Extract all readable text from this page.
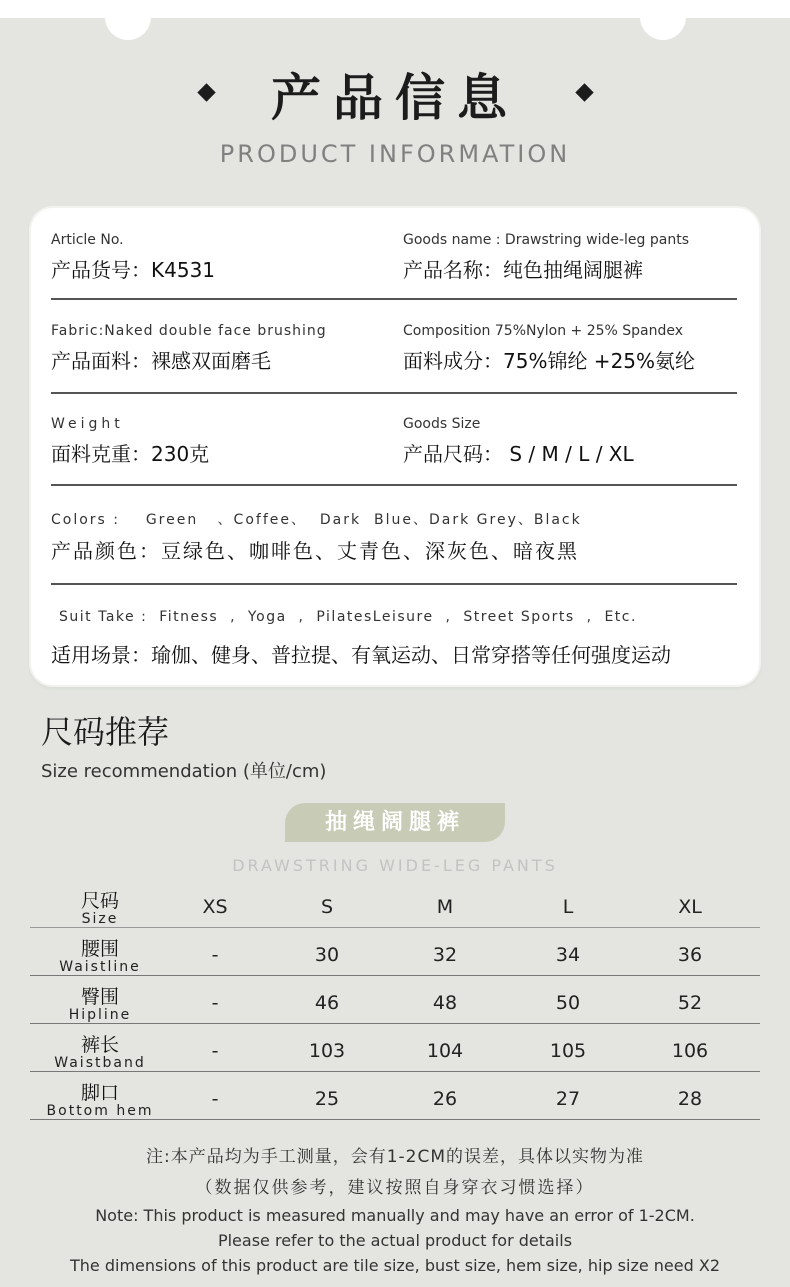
产品信息
PRODUCT INFORMATION
Article No.
产品货号：K4531
Goods name : Drawstring wide-leg pants
产品名称：纯色抽绳阔腿裤
Fabric:Naked double face brushing
产品面料：裸感双面磨毛
Composition 75%Nylon + 25% Spandex
面料成分：75%锦纶 +25%氨纶
Weight
面料克重：230克
Goods Size
产品尺码： S / M / L / XL
Colors :    Green   、Coffee、  Dark  Blue、Dark Grey、Black
产品颜色：豆绿色、咖啡色、丈青色、深灰色、暗夜黑
Suit Take :  Fitness  ,  Yoga  ,  PilatesLeisure  ,  Street Sports  ,  Etc.
适用场景：瑜伽、健身、普拉提、有氧运动、日常穿搭等任何强度运动
尺码推荐
Size recommendation (单位/cm)
抽绳阔腿裤
DRAWSTRING WIDE-LEG PANTS
尺码
Size
XS	S	M	L	XL
腰围
Waistline
-	30	32	34	36
臀围
Hipline
-	46	48	50	52
裤长
Waistband
-	103	104	105	106
脚口
Bottom hem
-	25	26	27	28
注:本产品均为手工测量，会有1-2CM的误差，具体以实物为准
（数据仅供参考，建议按照自身穿衣习惯选择）
Note: This product is measured manually and may have an error of 1-2CM.
Please refer to the actual product for details
The dimensions of this product are tile size, bust size, hem size, hip size need X2
